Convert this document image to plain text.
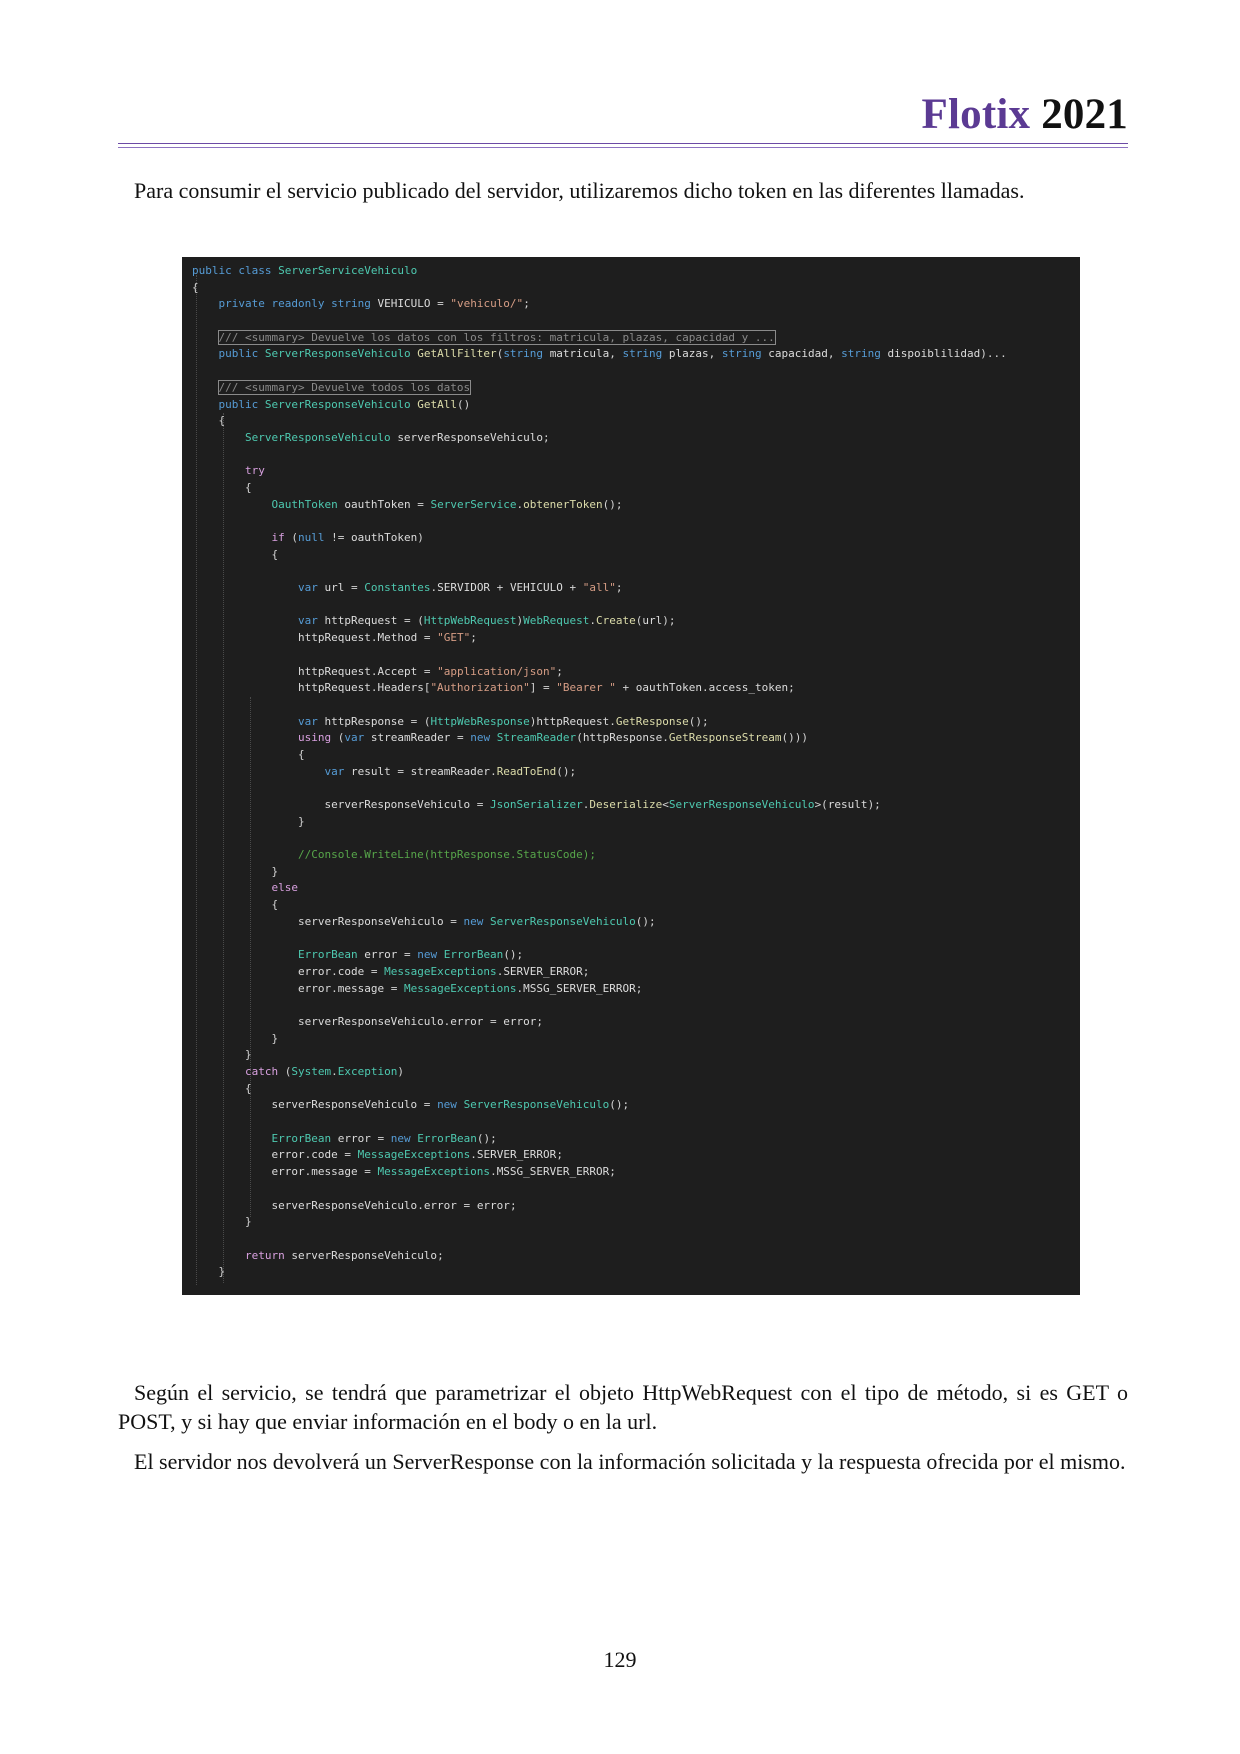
Flotix 2021

Para consumir el servicio publicado del servidor, utilizaremos dicho token en las diferentes llamadas.

public class ServerServiceVehiculo
{
private readonly string VEHICULO = "vehiculo/";
/// <summary> Devuelve los datos con los filtros: matricula, plazas, capacidad y ...
public ServerResponseVehiculo GetAllFilter(string matricula, string plazas, string capacidad, string dispoiblilidad)...
/// <summary> Devuelve todos los datos
public ServerResponseVehiculo GetAll()
{
ServerResponseVehiculo serverResponseVehiculo;
try
{
OauthToken oauthToken = ServerService.obtenerToken();
if (null != oauthToken)
{
var url = Constantes.SERVIDOR + VEHICULO + "all";
var httpRequest = (HttpWebRequest)WebRequest.Create(url);
httpRequest.Method = "GET";
httpRequest.Accept = "application/json";
httpRequest.Headers["Authorization"] = "Bearer " + oauthToken.access_token;
var httpResponse = (HttpWebResponse)httpRequest.GetResponse();
using (var streamReader = new StreamReader(httpResponse.GetResponseStream()))
{
var result = streamReader.ReadToEnd();
serverResponseVehiculo = JsonSerializer.Deserialize<ServerResponseVehiculo>(result);
}
//Console.WriteLine(httpResponse.StatusCode);
}
else
{
serverResponseVehiculo = new ServerResponseVehiculo();
ErrorBean error = new ErrorBean();
error.code = MessageExceptions.SERVER_ERROR;
error.message = MessageExceptions.MSSG_SERVER_ERROR;
serverResponseVehiculo.error = error;
}
}
catch (System.Exception)
{
serverResponseVehiculo = new ServerResponseVehiculo();
ErrorBean error = new ErrorBean();
error.code = MessageExceptions.SERVER_ERROR;
error.message = MessageExceptions.MSSG_SERVER_ERROR;
serverResponseVehiculo.error = error;
}
return serverResponseVehiculo;
}

Según el servicio, se tendrá que parametrizar el objeto HttpWebRequest con el tipo de método, si es GET o POST, y si hay que enviar información en el body o en la url.

El servidor nos devolverá un ServerResponse con la información solicitada y la respuesta ofrecida por el mismo.

129
